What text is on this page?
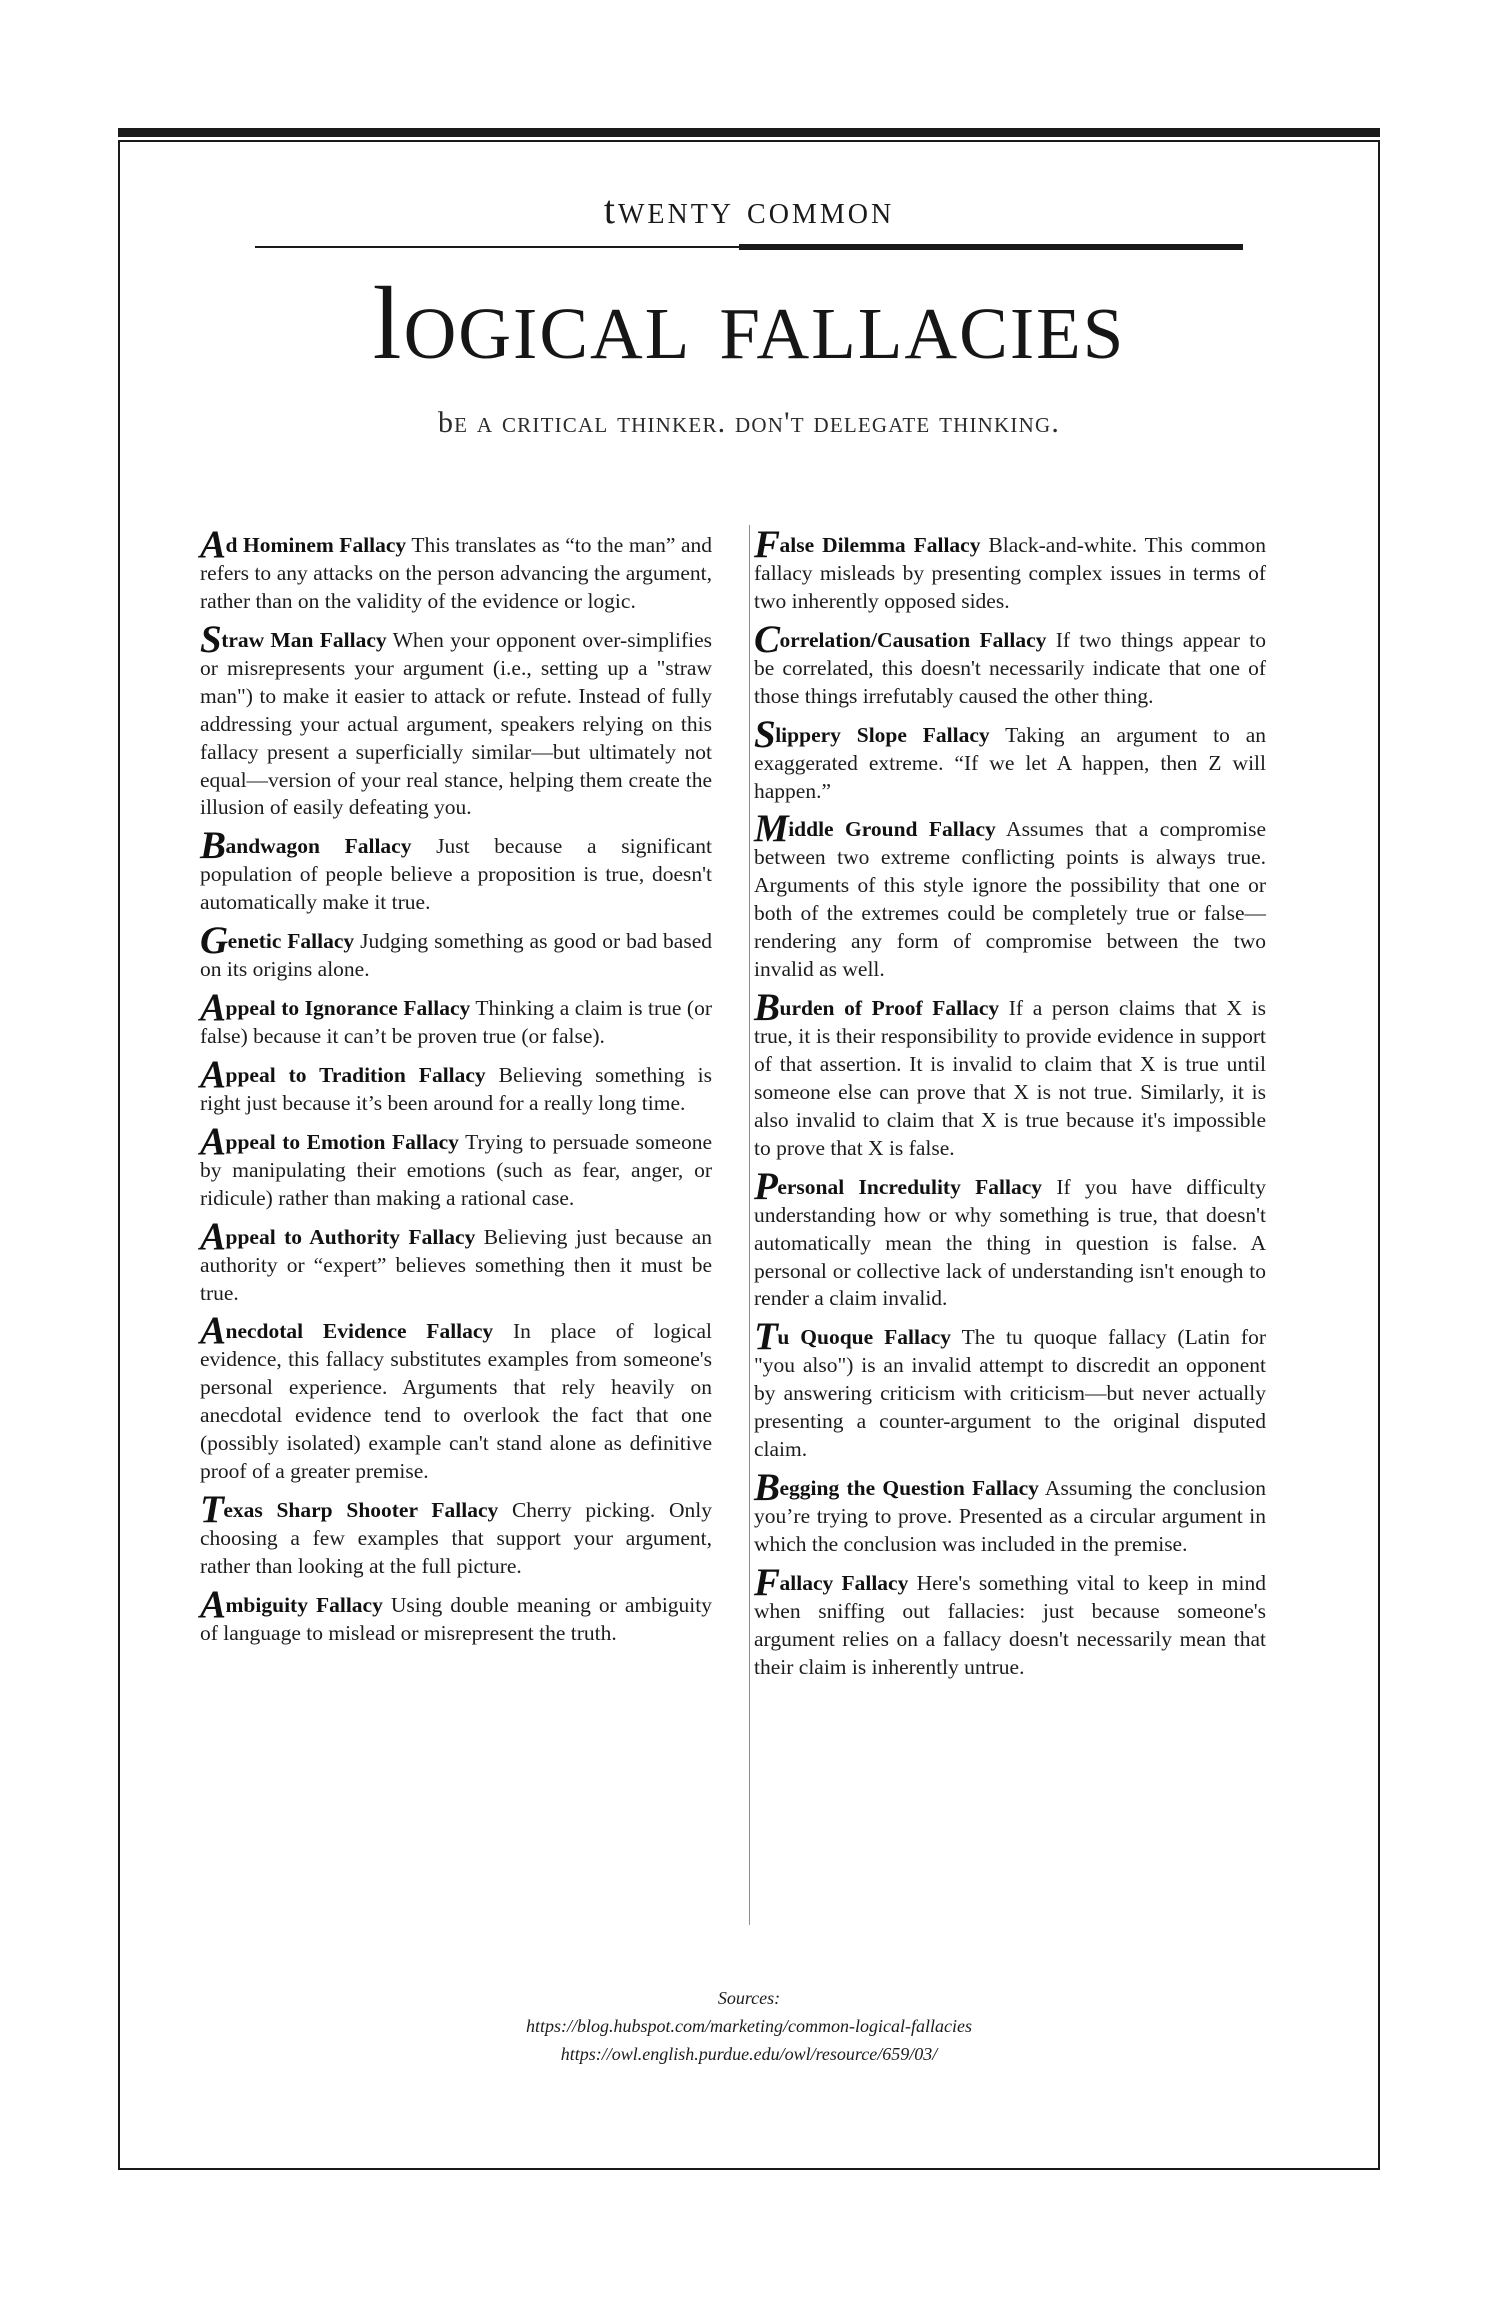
twenty common
logical fallacies
be a critical thinker. don't delegate thinking.

Ad Hominem Fallacy This translates as “to the man” and refers to any attacks on the person advancing the argument, rather than on the validity of the evidence or logic.

Straw Man Fallacy When your opponent over-simplifies or misrepresents your argument (i.e., setting up a "straw man") to make it easier to attack or refute. Instead of fully addressing your actual argument, speakers relying on this fallacy present a superficially similar—but ultimately not equal—version of your real stance, helping them create the illusion of easily defeating you.

Bandwagon Fallacy Just because a significant population of people believe a proposition is true, doesn't automatically make it true.

Genetic Fallacy Judging something as good or bad based on its origins alone.

Appeal to Ignorance Fallacy Thinking a claim is true (or false) because it can’t be proven true (or false).

Appeal to Tradition Fallacy Believing something is right just because it’s been around for a really long time.

Appeal to Emotion Fallacy Trying to persuade someone by manipulating their emotions (such as fear, anger, or ridicule) rather than making a rational case.

Appeal to Authority Fallacy Believing just because an authority or “expert” believes something then it must be true.

Anecdotal Evidence Fallacy In place of logical evidence, this fallacy substitutes examples from someone's personal experience. Arguments that rely heavily on anecdotal evidence tend to overlook the fact that one (possibly isolated) example can't stand alone as definitive proof of a greater premise.

Texas Sharp Shooter Fallacy Cherry picking. Only choosing a few examples that support your argument, rather than looking at the full picture.

Ambiguity Fallacy Using double meaning or ambiguity of language to mislead or misrepresent the truth.

False Dilemma Fallacy Black-and-white. This common fallacy misleads by presenting complex issues in terms of two inherently opposed sides.

Correlation/Causation Fallacy If two things appear to be correlated, this doesn't necessarily indicate that one of those things irrefutably caused the other thing.

Slippery Slope Fallacy Taking an argument to an exaggerated extreme. “If we let A happen, then Z will happen.”

Middle Ground Fallacy Assumes that a compromise between two extreme conflicting points is always true. Arguments of this style ignore the possibility that one or both of the extremes could be completely true or false—rendering any form of compromise between the two invalid as well.

Burden of Proof Fallacy If a person claims that X is true, it is their responsibility to provide evidence in support of that assertion. It is invalid to claim that X is true until someone else can prove that X is not true. Similarly, it is also invalid to claim that X is true because it's impossible to prove that X is false.

Personal Incredulity Fallacy If you have difficulty understanding how or why something is true, that doesn't automatically mean the thing in question is false. A personal or collective lack of understanding isn't enough to render a claim invalid.

Tu Quoque Fallacy The tu quoque fallacy (Latin for "you also") is an invalid attempt to discredit an opponent by answering criticism with criticism—but never actually presenting a counter-argument to the original disputed claim.

Begging the Question Fallacy Assuming the conclusion you’re trying to prove. Presented as a circular argument in which the conclusion was included in the premise.

Fallacy Fallacy Here's something vital to keep in mind when sniffing out fallacies: just because someone's argument relies on a fallacy doesn't necessarily mean that their claim is inherently untrue.

Sources:
https://blog.hubspot.com/marketing/common-logical-fallacies
https://owl.english.purdue.edu/owl/resource/659/03/
